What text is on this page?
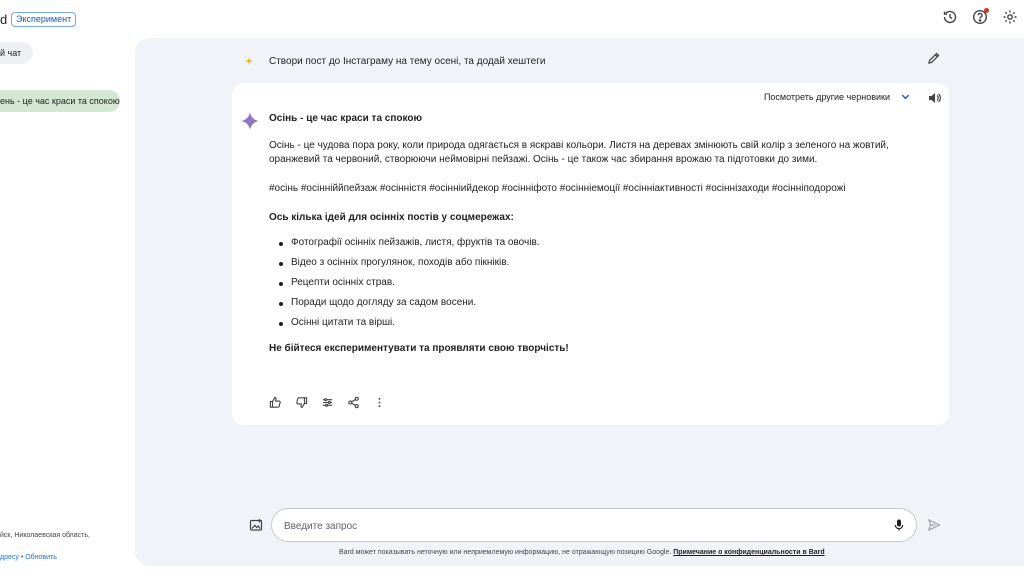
d Эксперимент
й чат
ень - це час краси та спокою
йск, Николаевская область,
дресу • Обновить
Створи пост до Інстаграму на тему осені, та додай хештеги
Посмотреть другие черновики
Осінь - це час краси та спокою

Осінь - це чудова пора року, коли природа одягається в яскраві кольори. Листя на деревах змінюють свій колір з зеленого на жовтий, оранжевий та червоний, створюючи неймовірні пейзажі. Осінь - це також час збирання врожаю та підготовки до зими.

#осінь #осінніййпейзаж #осінністя #осінніийдекор #осінніфото #осінніемоції #осінніактивності #осіннізаходи #осінніподорожі
Ось кілька ідей для осінніх постів у соцмережах:
Фотографії осінніх пейзажів, листя, фруктів та овочів.
Відео з осінніх прогулянок, походів або пікніків.
Рецепти осінніх страв.
Поради щодо догляду за садом восени.
Осінні цитати та вірші.
Не бійтеся експериментувати та проявляти свою творчість!
Введите запрос
Bard может показывать неточную или неприемлемую информацию, не отражающую позицию Google. Примечание о конфиденциальности в Bard
